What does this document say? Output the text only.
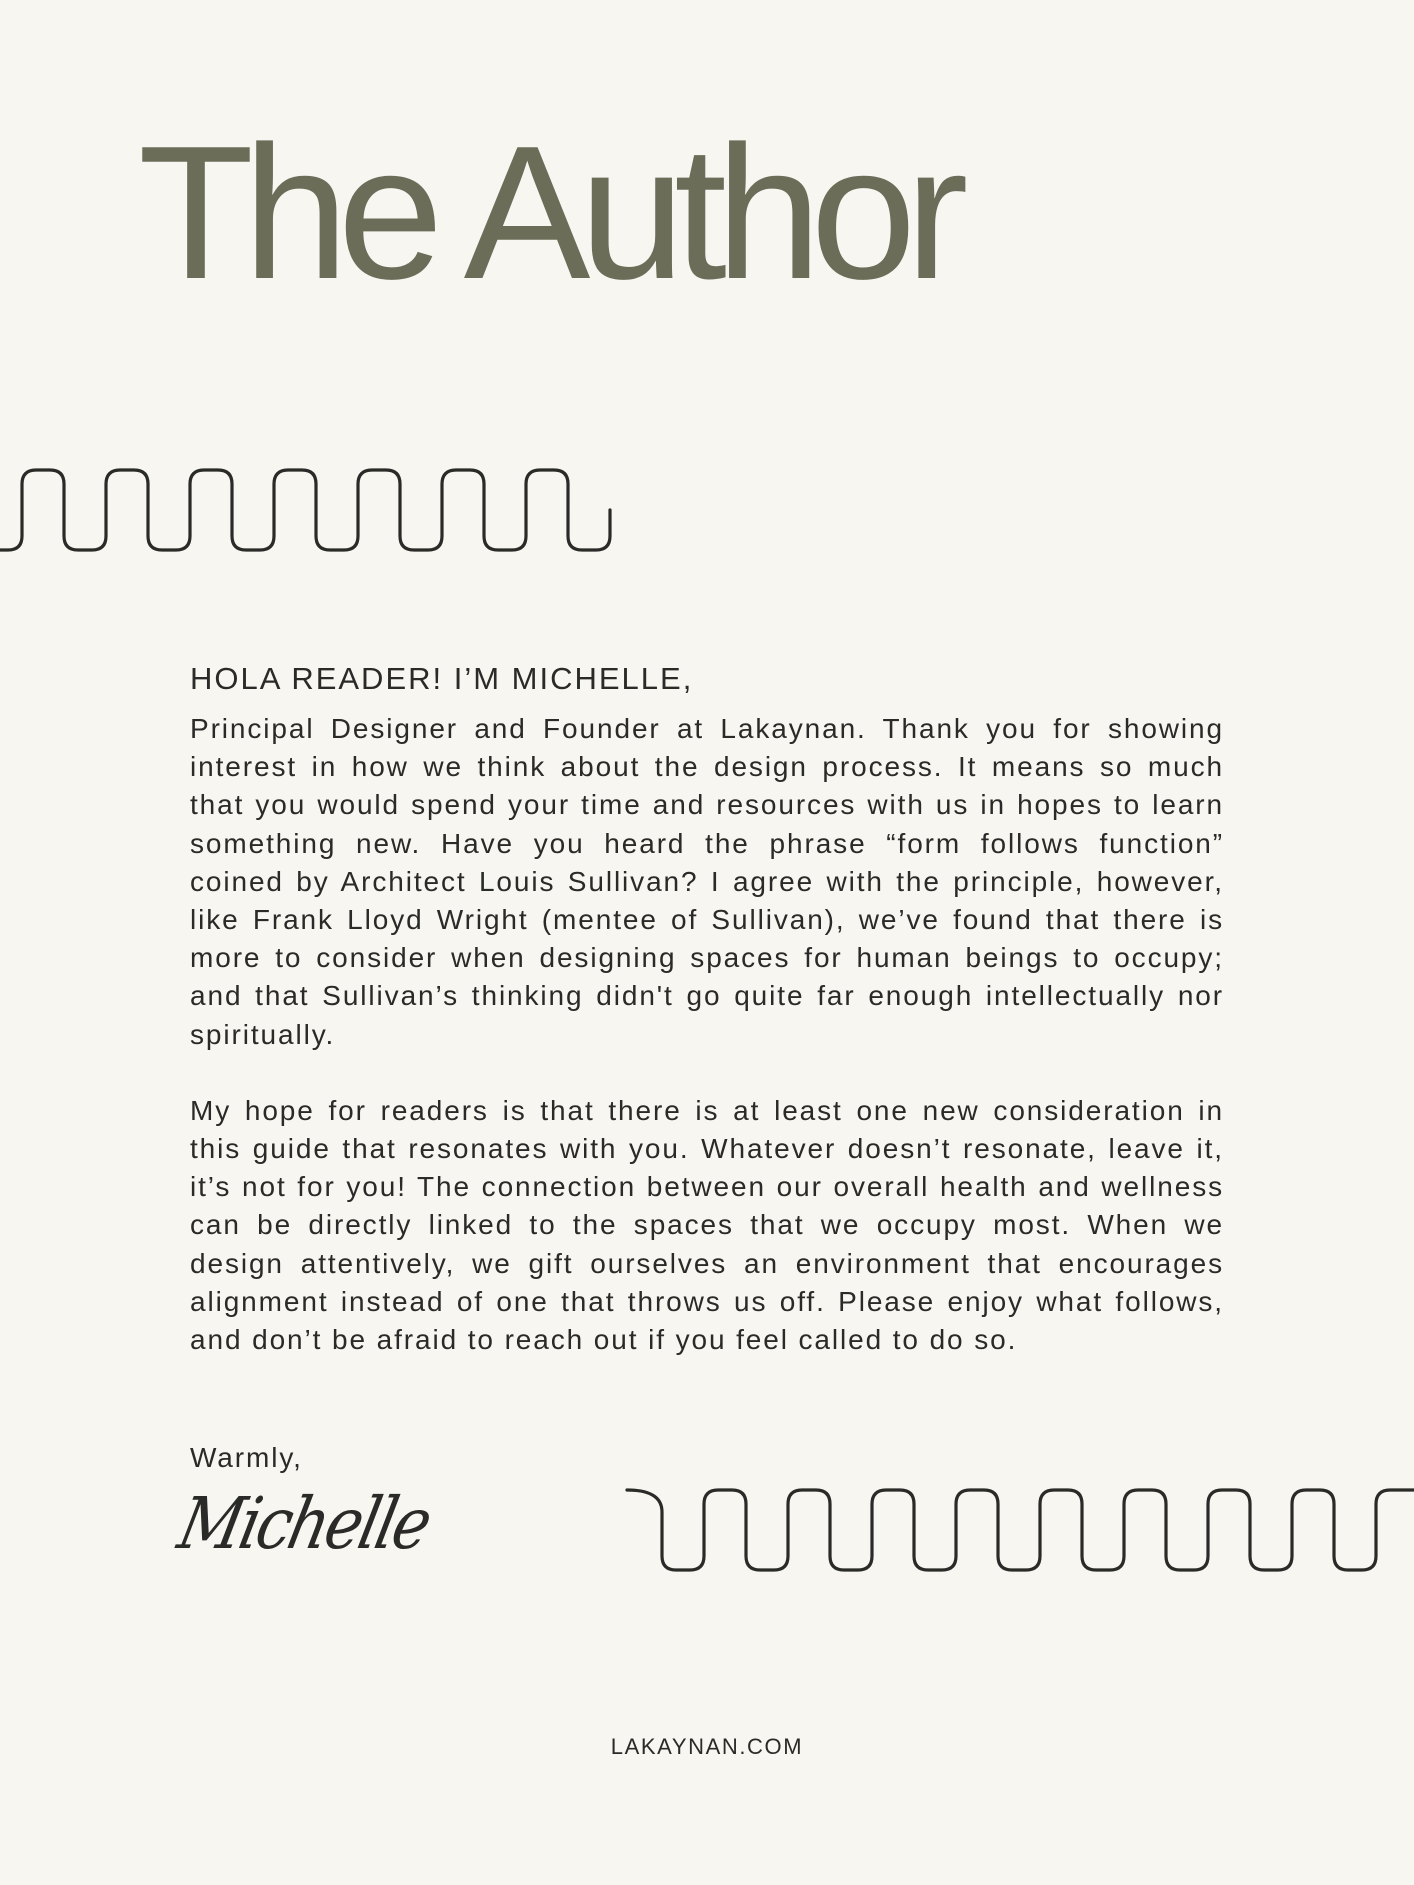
The Author

HOLA READER! I’M MICHELLE,

Principal Designer and Founder at Lakaynan. Thank you for showing interest in how we think about the design process. It means so much that you would spend your time and resources with us in hopes to learn something new. Have you heard the phrase “form follows function” coined by Architect Louis Sullivan? I agree with the principle, however, like Frank Lloyd Wright (mentee of Sullivan), we’ve found that there is more to consider when designing spaces for human beings to occupy; and that Sullivan’s thinking didn't go quite far enough intellectually nor spiritually.

My hope for readers is that there is at least one new consideration in this guide that resonates with you. Whatever doesn’t resonate, leave it, it’s not for you! The connection between our overall health and wellness can be directly linked to the spaces that we occupy most. When we design attentively, we gift ourselves an environment that encourages alignment instead of one that throws us off. Please enjoy what follows, and don’t be afraid to reach out if you feel called to do so.

Warmly,
Michelle
LAKAYNAN.COM
